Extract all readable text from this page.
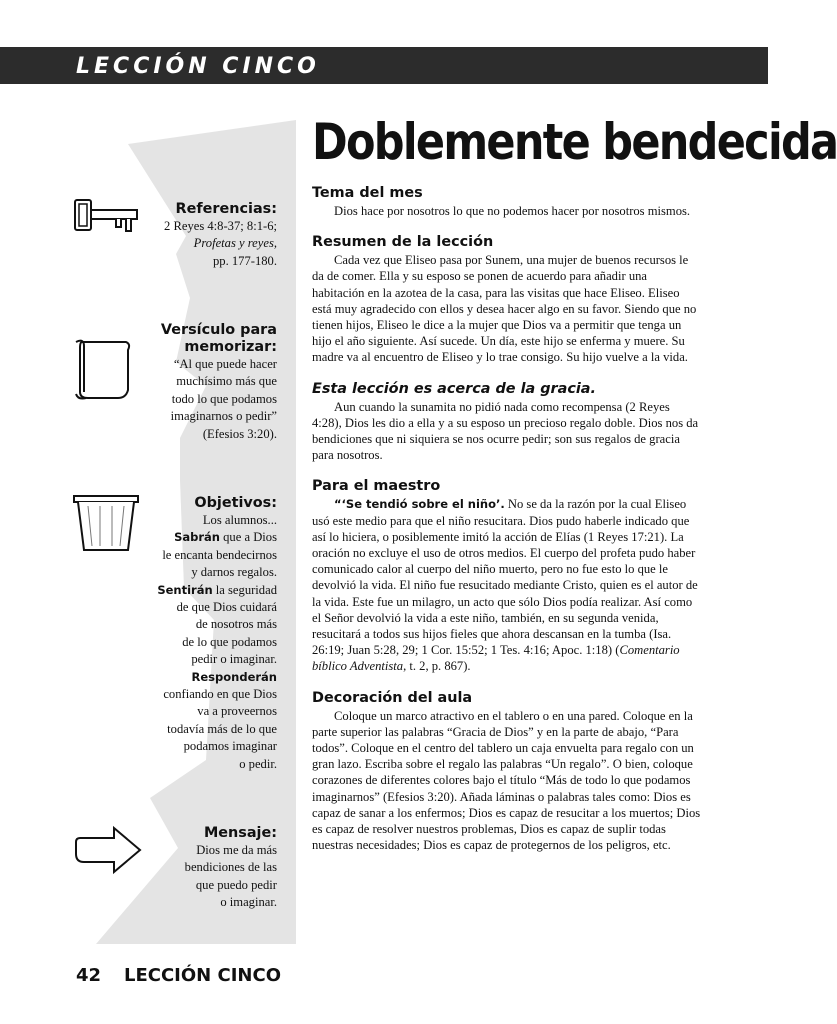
LECCIÓN CINCO
Doblemente bendecida
Referencias:
2 Reyes 4:8-37; 8:1-6;
Profetas y reyes,
pp. 177-180.
Versículo para
memorizar:
“Al que puede hacer
muchísimo más que
todo lo que podamos
imaginarnos o pedir”
(Efesios 3:20).
Objetivos:
Los alumnos...
Sabrán que a Dios
le encanta bendecirnos
y darnos regalos.
Sentirán la seguridad
de que Dios cuidará
de nosotros más
de lo que podamos
pedir o imaginar.
Responderán
confiando en que Dios
va a proveernos
todavía más de lo que
podamos imaginar
o pedir.
Mensaje:
Dios me da más
bendiciones de las
que puedo pedir
o imaginar.
Tema del mes

Dios hace por nosotros lo que no podemos hacer por nosotros mismos.

Resumen de la lección

Cada vez que Eliseo pasa por Sunem, una mujer de buenos recursos le da de comer. Ella y su esposo se ponen de acuerdo para añadir una habitación en la azotea de la casa, para las visitas que hace Eliseo. Eliseo está muy agradecido con ellos y desea hacer algo en su favor. Siendo que no tienen hijos, Eliseo le dice a la mujer que Dios va a permitir que tenga un hijo el año siguiente. Así sucede. Un día, este hijo se enferma y muere. Su madre va al encuentro de Eliseo y lo trae consigo. Su hijo vuelve a la vida.

Esta lección es acerca de la gracia.

Aun cuando la sunamita no pidió nada como recompensa (2 Reyes 4:28), Dios les dio a ella y a su esposo un precioso regalo doble. Dios nos da bendiciones que ni siquiera se nos ocurre pedir; son sus regalos de gracia para nosotros.

Para el maestro

“‘Se tendió sobre el niño’. No se da la razón por la cual Eliseo usó este medio para que el niño resucitara. Dios pudo haberle indicado que así lo hiciera, o posiblemente imitó la acción de Elías (1 Reyes 17:21). La oración no excluye el uso de otros medios. El cuerpo del profeta pudo haber comunicado calor al cuerpo del niño muerto, pero no fue esto lo que le devolvió la vida. El niño fue resucitado mediante Cristo, quien es el autor de la vida. Este fue un milagro, un acto que sólo Dios podía realizar. Así como el Señor devolvió la vida a este niño, también, en su segunda venida, resucitará a todos sus hijos fieles que ahora descansan en la tumba (Isa. 26:19; Juan 5:28, 29; 1 Cor. 15:52; 1 Tes. 4:16; Apoc. 1:18) (Comentario bíblico Adventista, t. 2, p. 867).

Decoración del aula

Coloque un marco atractivo en el tablero o en una pared. Coloque en la parte superior las palabras “Gracia de Dios” y en la parte de abajo, “Para todos”. Coloque en el centro del tablero un caja envuelta para regalo con un gran lazo. Escriba sobre el regalo las palabras “Un regalo”. O bien, coloque corazones de diferentes colores bajo el título “Más de todo lo que podamos imaginarnos” (Efesios 3:20). Añada láminas o palabras tales como: Dios es capaz de sanar a los enfermos; Dios es capaz de resucitar a los muertos; Dios es capaz de resolver nuestros problemas, Dios es capaz de suplir todas nuestras necesidades; Dios es capaz de protegernos de los peligros, etc.

42 LECCIÓN CINCO
